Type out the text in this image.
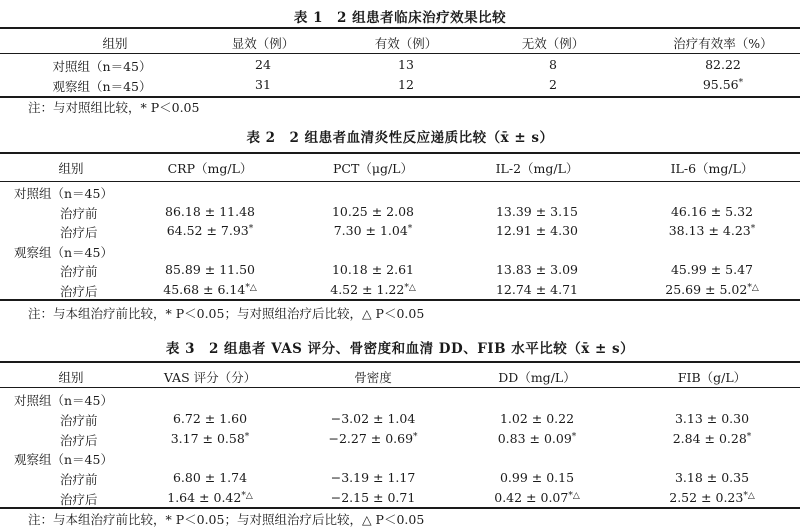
表 1　2 组患者临床治疗效果比较
组别	显效（例）	有效（例）	无效（例）	治疗有效率（%）
对照组（n＝45）	24	13	8	82.22
观察组（n＝45）	31	12	2	95.56*
注：与对照组比较，* P＜0.05
表 2　2 组患者血清炎性反应递质比较（x̄ ± s）
组别	CRP（mg/L）	PCT（μg/L）	IL-2（mg/L）	IL-6（mg/L）
对照组（n＝45）
治疗前	86.18 ± 11.48	10.25 ± 2.08	13.39 ± 3.15	46.16 ± 5.32
治疗后	64.52 ± 7.93*	7.30 ± 1.04*	12.91 ± 4.30	38.13 ± 4.23*
观察组（n＝45）
治疗前	85.89 ± 11.50	10.18 ± 2.61	13.83 ± 3.09	45.99 ± 5.47
治疗后	45.68 ± 6.14*△	4.52 ± 1.22*△	12.74 ± 4.71	25.69 ± 5.02*△
注：与本组治疗前比较，* P＜0.05；与对照组治疗后比较，△ P＜0.05
表 3　2 组患者 VAS 评分、骨密度和血清 DD、FIB 水平比较（x̄ ± s）
组别	VAS 评分（分）	骨密度	DD（mg/L）	FIB（g/L）
对照组（n＝45）
治疗前	6.72 ± 1.60	−3.02 ± 1.04	1.02 ± 0.22	3.13 ± 0.30
治疗后	3.17 ± 0.58*	−2.27 ± 0.69*	0.83 ± 0.09*	2.84 ± 0.28*
观察组（n＝45）
治疗前	6.80 ± 1.74	−3.19 ± 1.17	0.99 ± 0.15	3.18 ± 0.35
治疗后	1.64 ± 0.42*△	−2.15 ± 0.71	0.42 ± 0.07*△	2.52 ± 0.23*△
注：与本组治疗前比较，* P＜0.05；与对照组治疗后比较，△ P＜0.05
